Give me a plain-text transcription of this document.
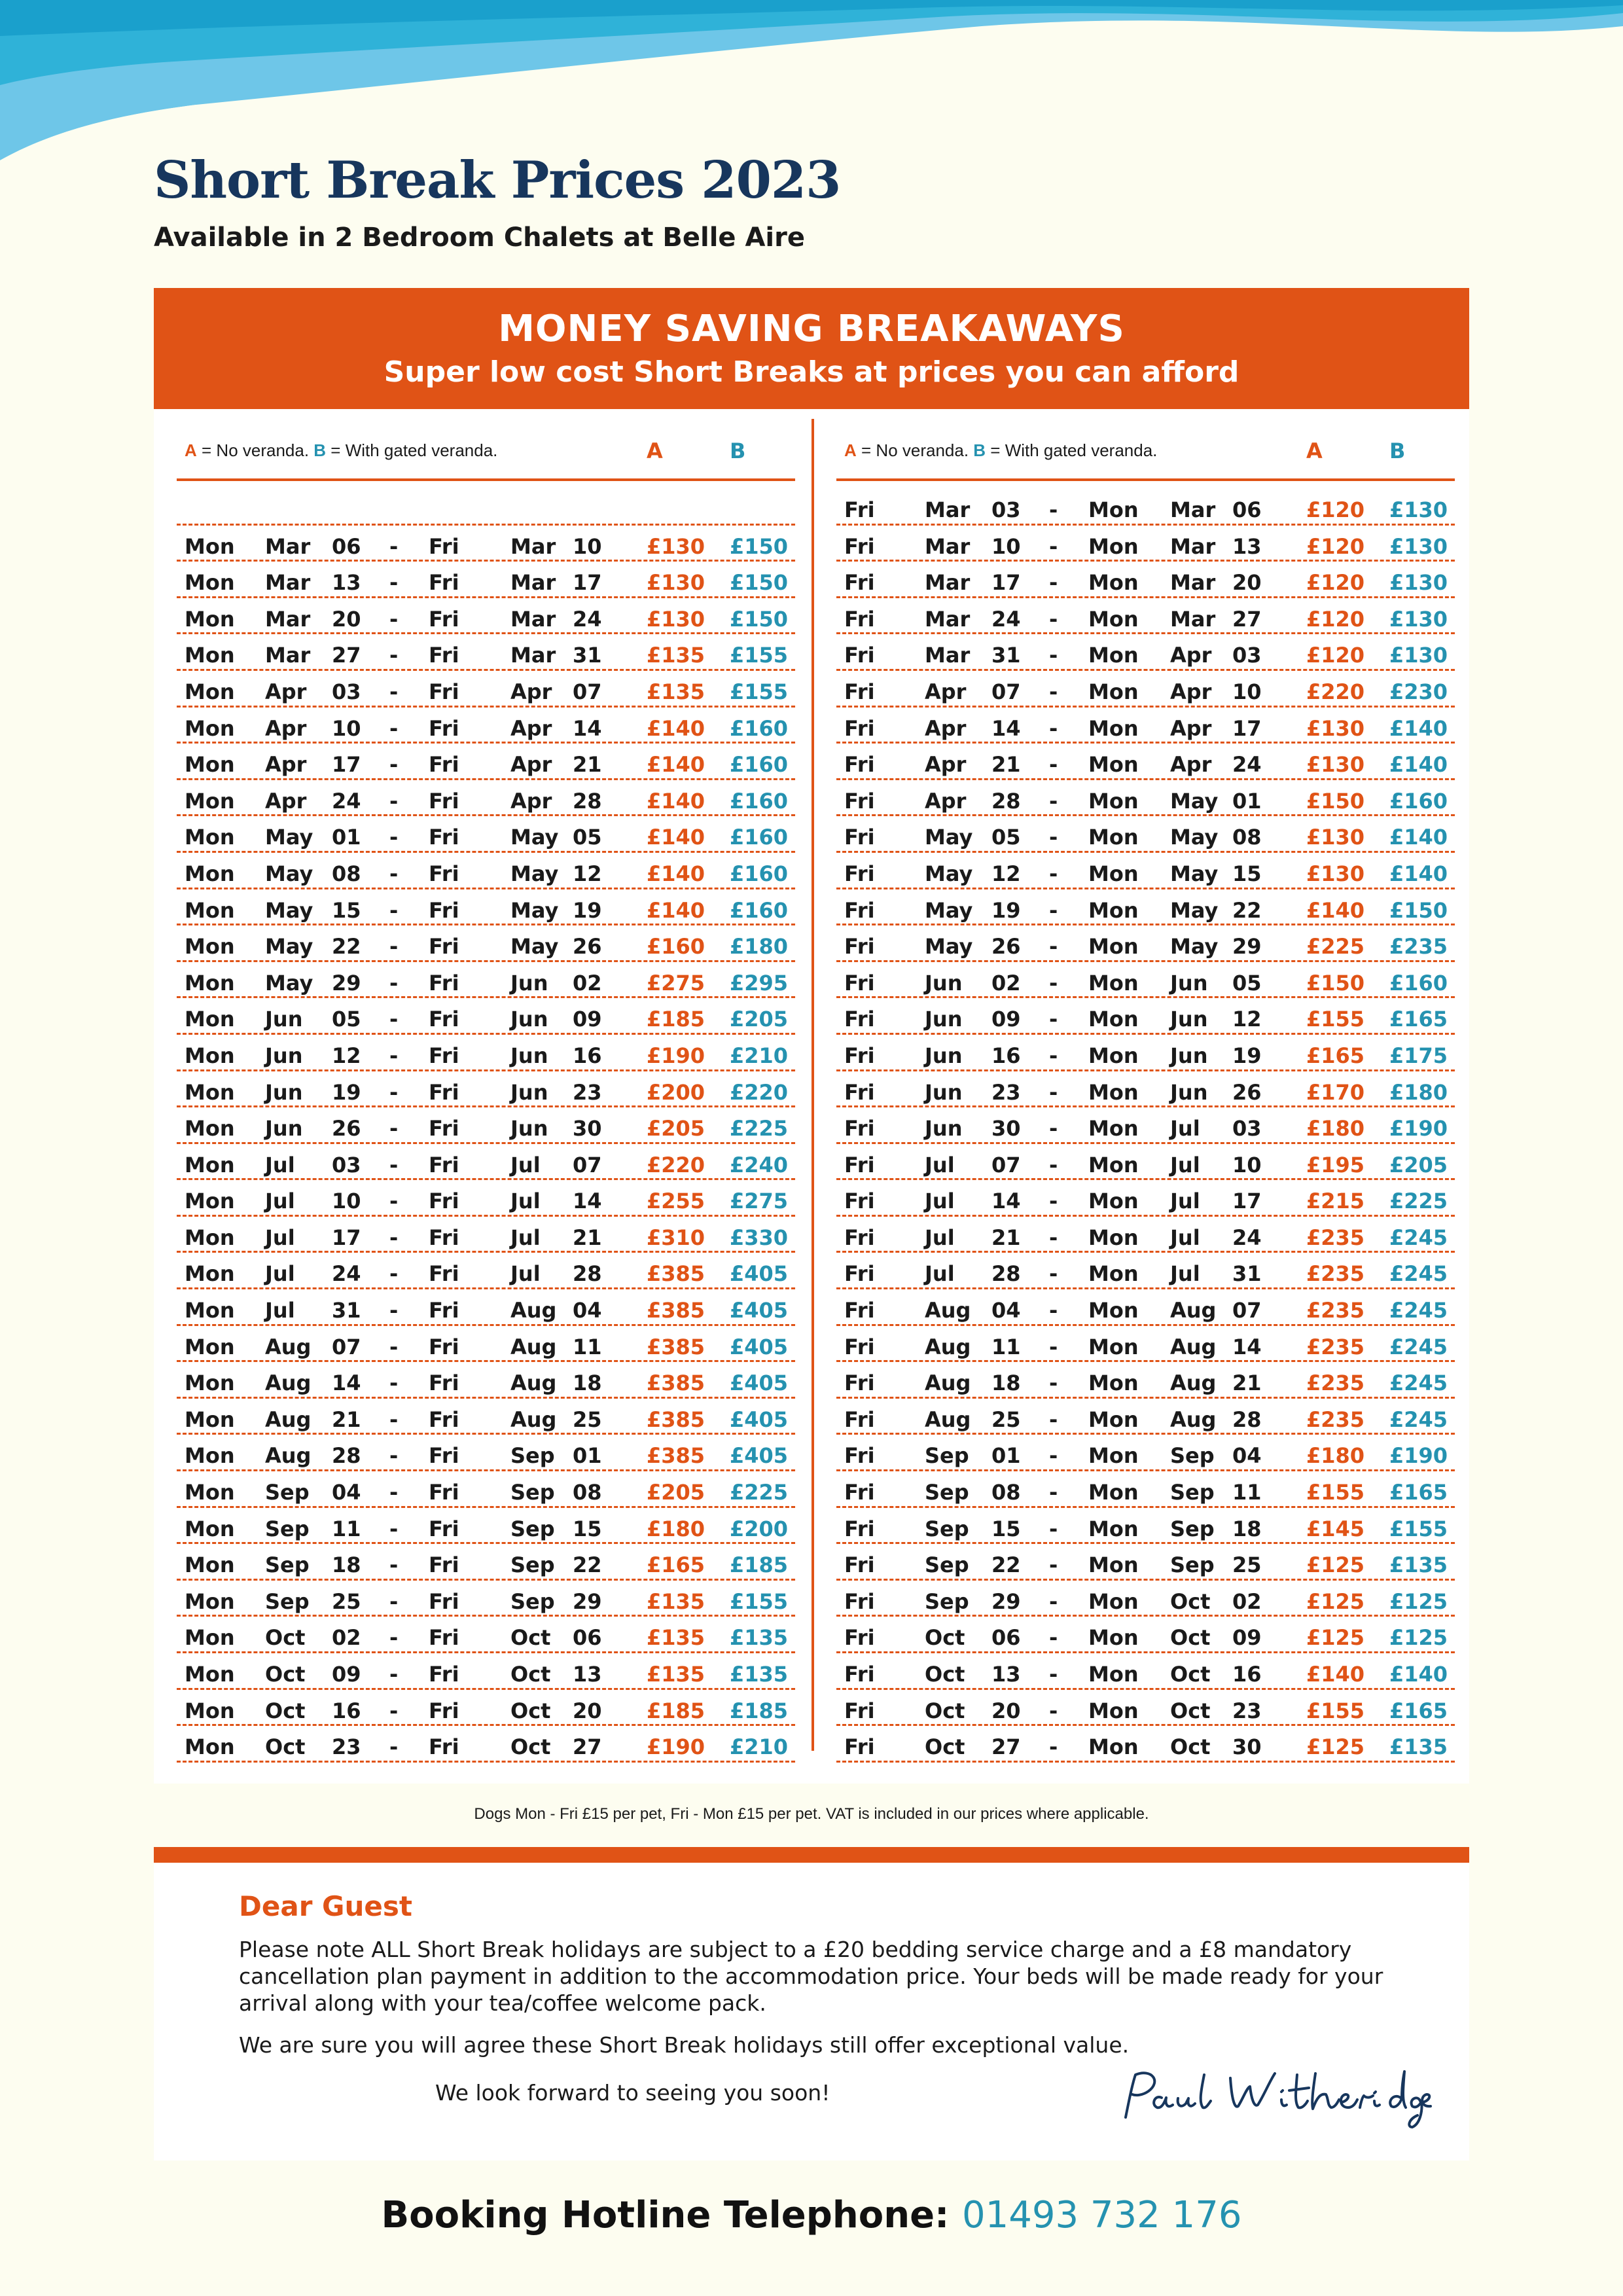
Short Break Prices 2023
Available in 2 Bedroom Chalets at Belle Aire
MONEY SAVING BREAKAWAYS
Super low cost Short Breaks at prices you can afford
A = No veranda. B = With gated veranda.	A	B
Mon Mar 06 - Fri Mar 10 £130 £150
Mon Mar 13 - Fri Mar 17 £130 £150
Mon Mar 20 - Fri Mar 24 £130 £150
Mon Mar 27 - Fri Mar 31 £135 £155
Mon Apr 03 - Fri Apr 07 £135 £155
Mon Apr 10 - Fri Apr 14 £140 £160
Mon Apr 17 - Fri Apr 21 £140 £160
Mon Apr 24 - Fri Apr 28 £140 £160
Mon May 01 - Fri May 05 £140 £160
Mon May 08 - Fri May 12 £140 £160
Mon May 15 - Fri May 19 £140 £160
Mon May 22 - Fri May 26 £160 £180
Mon May 29 - Fri Jun 02 £275 £295
Mon Jun 05 - Fri Jun 09 £185 £205
Mon Jun 12 - Fri Jun 16 £190 £210
Mon Jun 19 - Fri Jun 23 £200 £220
Mon Jun 26 - Fri Jun 30 £205 £225
Mon Jul 03 - Fri Jul 07 £220 £240
Mon Jul 10 - Fri Jul 14 £255 £275
Mon Jul 17 - Fri Jul 21 £310 £330
Mon Jul 24 - Fri Jul 28 £385 £405
Mon Jul 31 - Fri Aug 04 £385 £405
Mon Aug 07 - Fri Aug 11 £385 £405
Mon Aug 14 - Fri Aug 18 £385 £405
Mon Aug 21 - Fri Aug 25 £385 £405
Mon Aug 28 - Fri Sep 01 £385 £405
Mon Sep 04 - Fri Sep 08 £205 £225
Mon Sep 11 - Fri Sep 15 £180 £200
Mon Sep 18 - Fri Sep 22 £165 £185
Mon Sep 25 - Fri Sep 29 £135 £155
Mon Oct 02 - Fri Oct 06 £135 £135
Mon Oct 09 - Fri Oct 13 £135 £135
Mon Oct 16 - Fri Oct 20 £185 £185
Mon Oct 23 - Fri Oct 27 £190 £210
A = No veranda. B = With gated veranda.	A	B
Fri Mar 03 - Mon Mar 06 £120 £130
Fri Mar 10 - Mon Mar 13 £120 £130
Fri Mar 17 - Mon Mar 20 £120 £130
Fri Mar 24 - Mon Mar 27 £120 £130
Fri Mar 31 - Mon Apr 03 £120 £130
Fri Apr 07 - Mon Apr 10 £220 £230
Fri Apr 14 - Mon Apr 17 £130 £140
Fri Apr 21 - Mon Apr 24 £130 £140
Fri Apr 28 - Mon May 01 £150 £160
Fri May 05 - Mon May 08 £130 £140
Fri May 12 - Mon May 15 £130 £140
Fri May 19 - Mon May 22 £140 £150
Fri May 26 - Mon May 29 £225 £235
Fri Jun 02 - Mon Jun 05 £150 £160
Fri Jun 09 - Mon Jun 12 £155 £165
Fri Jun 16 - Mon Jun 19 £165 £175
Fri Jun 23 - Mon Jun 26 £170 £180
Fri Jun 30 - Mon Jul 03 £180 £190
Fri Jul 07 - Mon Jul 10 £195 £205
Fri Jul 14 - Mon Jul 17 £215 £225
Fri Jul 21 - Mon Jul 24 £235 £245
Fri Jul 28 - Mon Jul 31 £235 £245
Fri Aug 04 - Mon Aug 07 £235 £245
Fri Aug 11 - Mon Aug 14 £235 £245
Fri Aug 18 - Mon Aug 21 £235 £245
Fri Aug 25 - Mon Aug 28 £235 £245
Fri Sep 01 - Mon Sep 04 £180 £190
Fri Sep 08 - Mon Sep 11 £155 £165
Fri Sep 15 - Mon Sep 18 £145 £155
Fri Sep 22 - Mon Sep 25 £125 £135
Fri Sep 29 - Mon Oct 02 £125 £125
Fri Oct 06 - Mon Oct 09 £125 £125
Fri Oct 13 - Mon Oct 16 £140 £140
Fri Oct 20 - Mon Oct 23 £155 £165
Fri Oct 27 - Mon Oct 30 £125 £135
Dogs Mon - Fri £15 per pet, Fri - Mon £15 per pet. VAT is included in our prices where applicable.
Dear Guest
Please note ALL Short Break holidays are subject to a £20 bedding service charge and a £8 mandatory cancellation plan payment in addition to the accommodation price. Your beds will be made ready for your arrival along with your tea/coffee welcome pack.
We are sure you will agree these Short Break holidays still offer exceptional value.
We look forward to seeing you soon!
Booking Hotline Telephone: 01493 732 176
